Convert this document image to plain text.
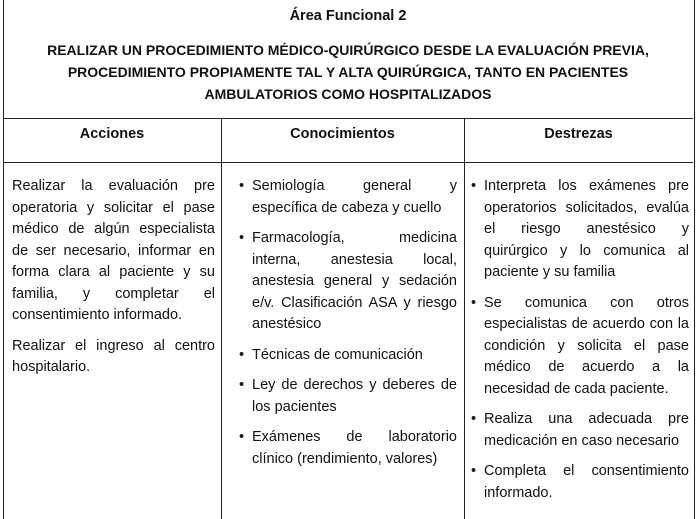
Área Funcional 2
REALIZAR UN PROCEDIMIENTO MÉDICO-QUIRÚRGICO DESDE LA EVALUACIÓN PREVIA, PROCEDIMIENTO PROPIAMENTE TAL Y ALTA QUIRÚRGICA, TANTO EN PACIENTES AMBULATORIOS COMO HOSPITALIZADOS
Acciones	Conocimientos	Destrezas

Realizar la evaluación pre operatoria y solicitar el pase médico de algún especialista de ser necesario, informar en forma clara al paciente y su familia, y completar el consentimiento informado.

Realizar el ingreso al centro hospitalario.

• Semiología general y específica de cabeza y cuello
• Farmacología, medicina interna, anestesia local, anestesia general y sedación e/v. Clasificación ASA y riesgo anestésico
• Técnicas de comunicación
• Ley de derechos y deberes de los pacientes
• Exámenes de laboratorio clínico (rendimiento, valores)
• Interpreta los exámenes pre operatorios solicitados, evalúa el riesgo anestésico y quirúrgico y lo comunica al paciente y su familia
• Se comunica con otros especialistas de acuerdo con la condición y solicita el pase médico de acuerdo a la necesidad de cada paciente.
• Realiza una adecuada pre medicación en caso necesario
• Completa el consentimiento informado.
